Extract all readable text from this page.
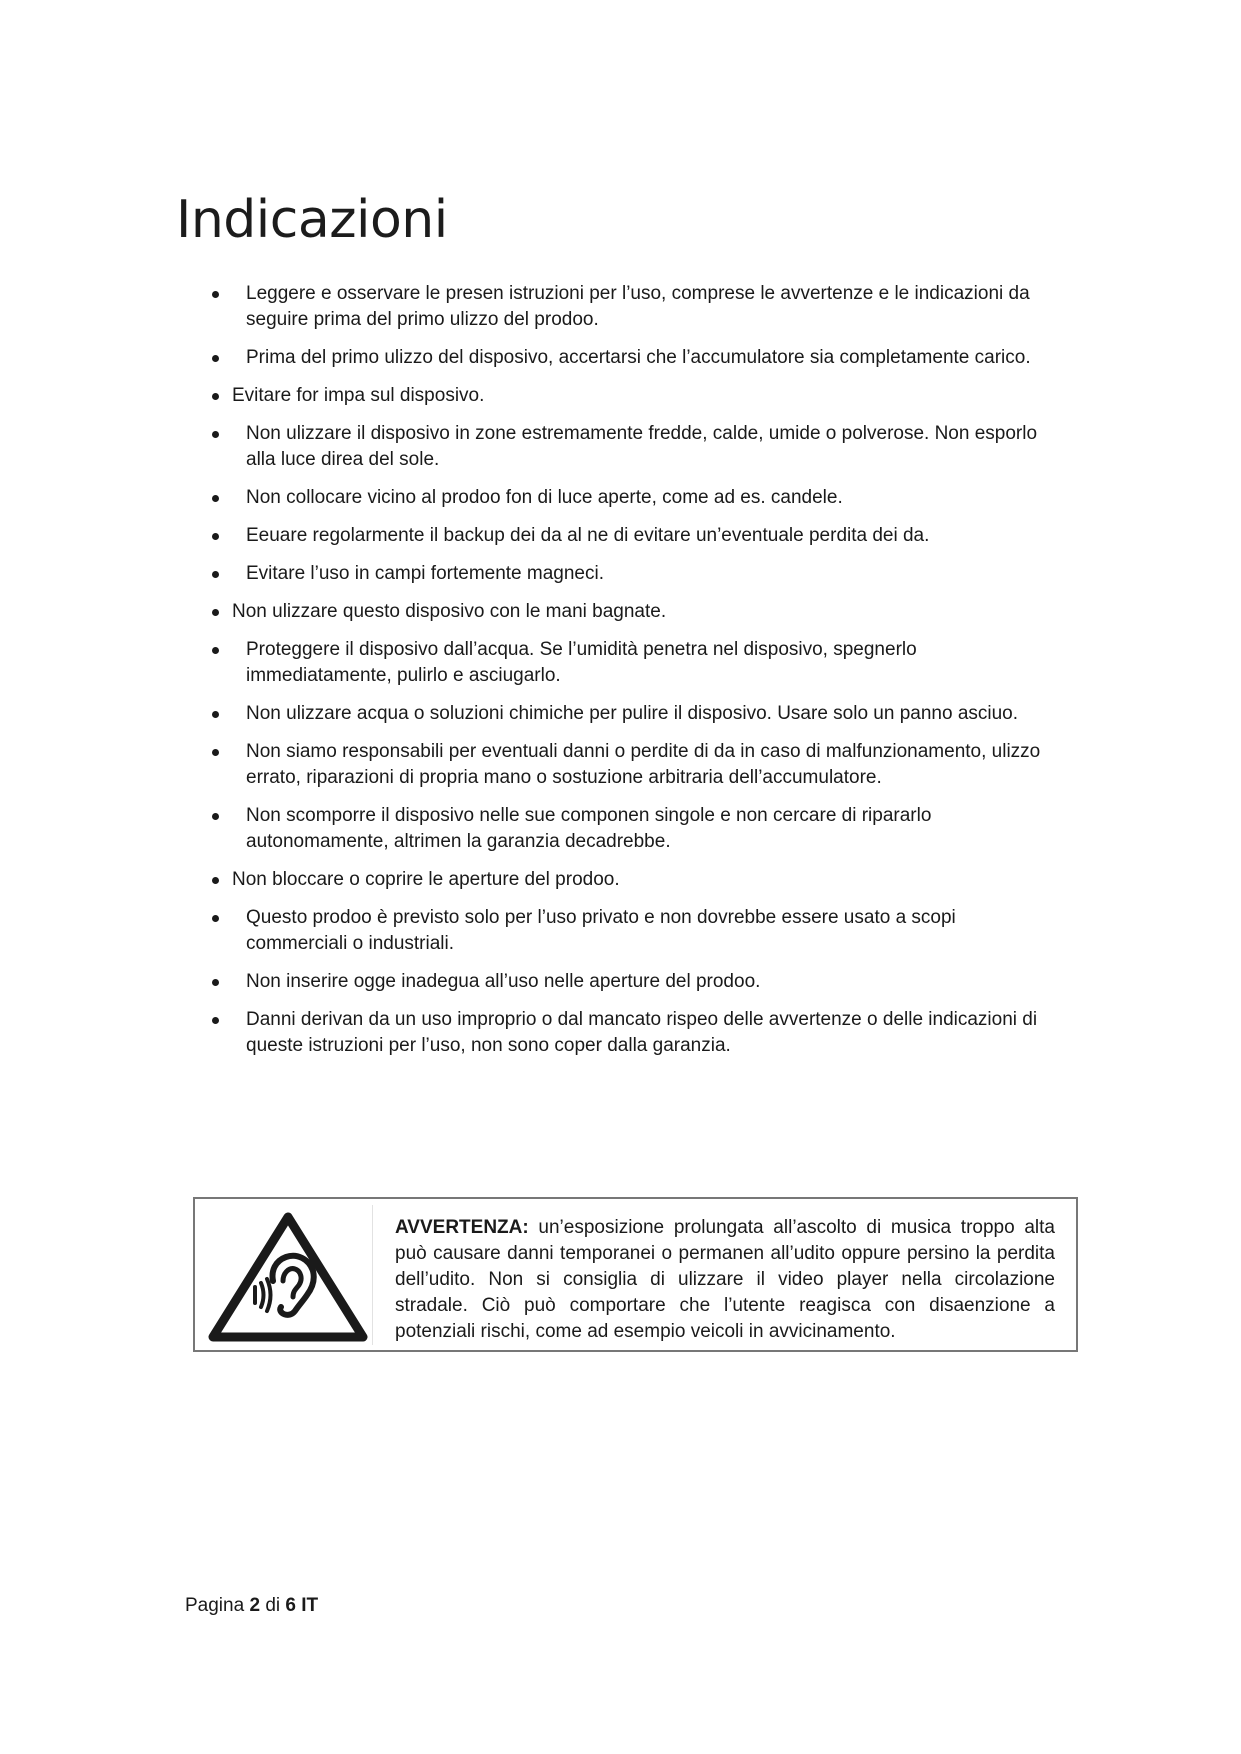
Indicazioni
Leggere e osservare le presen istruzioni per l’uso, comprese le avvertenze e le indicazioni da seguire prima del primo ulizzo del prodoo.
Prima del primo ulizzo del disposivo, accertarsi che l’accumulatore sia completamente carico.
Evitare for impa sul disposivo.
Non ulizzare il disposivo in zone estremamente fredde, calde, umide o polverose. Non esporlo alla luce direa del sole.
Non collocare vicino al prodoo fon di luce aperte, come ad es. candele.
Eeuare regolarmente il backup dei da al ne di evitare un’eventuale perdita dei da.
Evitare l’uso in campi fortemente magneci.
Non ulizzare questo disposivo con le mani bagnate.
Proteggere il disposivo dall’acqua. Se l’umidità penetra nel disposivo, spegnerlo immediatamente, pulirlo e asciugarlo.
Non ulizzare acqua o soluzioni chimiche per pulire il disposivo. Usare solo un panno asciuo.
Non siamo responsabili per eventuali danni o perdite di da in caso di malfunzionamento, ulizzo errato, riparazioni di propria mano o sostuzione arbitraria dell’accumulatore.
Non scomporre il disposivo nelle sue componen singole e non cercare di ripararlo autonomamente, altrimen la garanzia decadrebbe.
Non bloccare o coprire le aperture del prodoo.
Questo prodoo è previsto solo per l’uso privato e non dovrebbe essere usato a scopi commerciali o industriali.
Non inserire ogge inadegua all’uso nelle aperture del prodoo.
Danni derivan da un uso improprio o dal mancato rispeo delle avvertenze o delle indicazioni di queste istruzioni per l’uso, non sono coper dalla garanzia.

AVVERTENZA: un’esposizione prolungata all’ascolto di musica troppo alta può causare danni temporanei o permanen all’udito oppure persino la perdita dell’udito. Non si consiglia di ulizzare il video player nella circolazione stradale. Ciò può comportare che l’utente reagisca con disaenzione a potenziali rischi, come ad esempio veicoli in avvicinamento.

Pagina 2 di 6 IT
